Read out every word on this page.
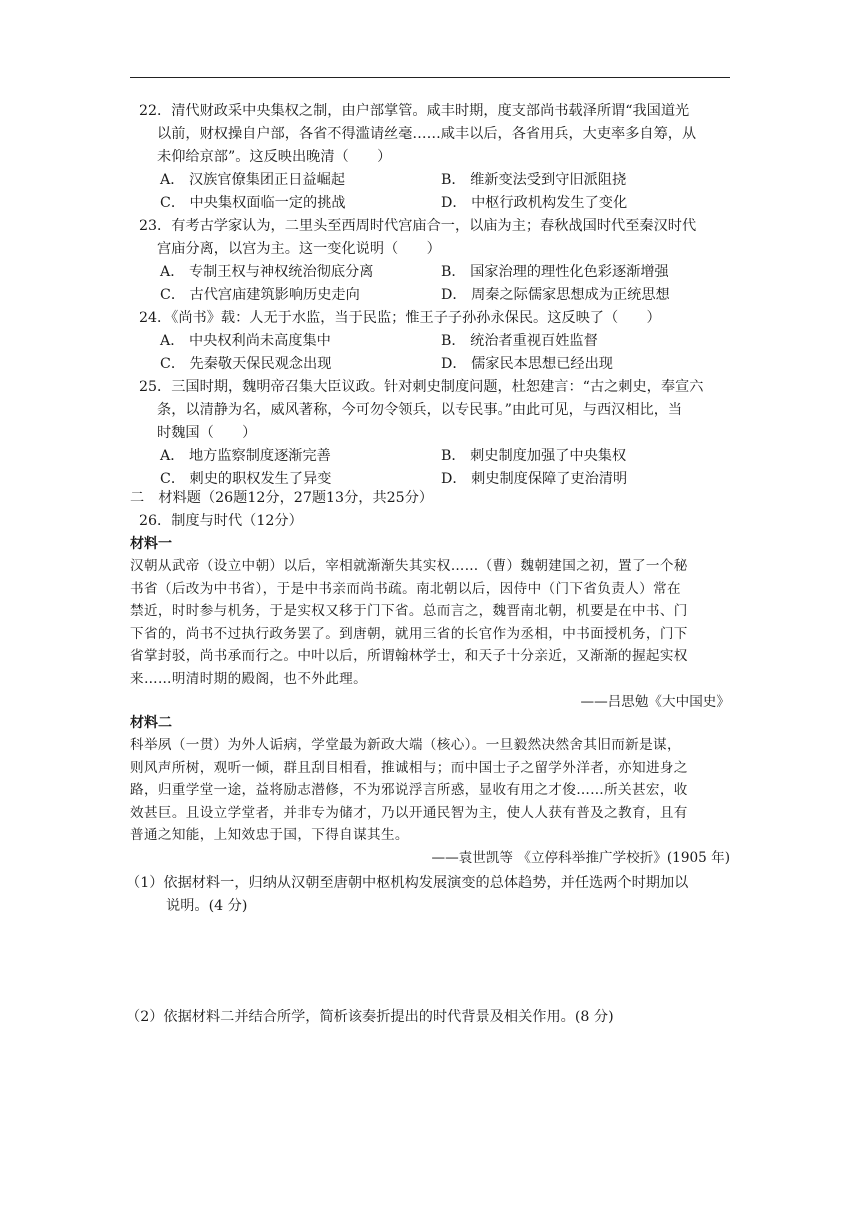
22．清代财政采中央集权之制，由户部掌管。咸丰时期，度支部尚书载泽所谓“我国道光
以前，财权操自户部，各省不得滥请丝毫……咸丰以后，各省用兵，大吏率多自筹，从
未仰给京部”。这反映出晚清（　　）
A． 汉族官僚集团正日益崛起	B． 维新变法受到守旧派阻挠
C． 中央集权面临一定的挑战	D． 中枢行政机构发生了变化
23．有考古学家认为，二里头至西周时代宫庙合一，以庙为主；春秋战国时代至秦汉时代
宫庙分离，以宫为主。这一变化说明（　　）
A． 专制王权与神权统治彻底分离	B． 国家治理的理性化色彩逐渐增强
C． 古代宫庙建筑影响历史走向	D． 周秦之际儒家思想成为正统思想
24．《尚书》载：人无于水监，当于民监；惟王子子孙孙永保民。这反映了（　　）
A． 中央权利尚未高度集中	B． 统治者重视百姓监督
C． 先秦敬天保民观念出现	D． 儒家民本思想已经出现
25．三国时期，魏明帝召集大臣议政。针对刺史制度问题，杜恕建言：“古之刺史，奉宣六
条，以清静为名，威风著称，今可勿令领兵，以专民事。”由此可见，与西汉相比，当
时魏国（　　）
A． 地方监察制度逐渐完善	B． 刺史制度加强了中央集权
C． 刺史的职权发生了异变	D． 刺史制度保障了吏治清明
二　材料题（26题12分，27题13分，共25分）
26．制度与时代（12分）
材料一
汉朝从武帝（设立中朝）以后，宰相就渐渐失其实权……（曹）魏朝建国之初，置了一个秘
书省（后改为中书省），于是中书亲而尚书疏。南北朝以后，因侍中（门下省负责人）常在
禁近，时时参与机务，于是实权又移于门下省。总而言之，魏晋南北朝，机要是在中书、门
下省的，尚书不过执行政务罢了。到唐朝，就用三省的长官作为丞相，中书面授机务，门下
省掌封驳，尚书承而行之。中叶以后，所谓翰林学士，和天子十分亲近，又渐渐的握起实权
来……明清时期的殿阁，也不外此理。
——吕思勉《大中国史》
材料二
科举夙（一贯）为外人诟病，学堂最为新政大端（核心）。一旦毅然决然舍其旧而新是谋，
则风声所树，观听一倾，群且刮目相看，推诚相与；而中国士子之留学外洋者，亦知进身之
路，归重学堂一途，益将励志潜修，不为邪说浮言所惑，显收有用之才俊……所关甚宏，收
效甚巨。且设立学堂者，并非专为储才，乃以开通民智为主，使人人获有普及之教育，且有
普通之知能，上知效忠于国，下得自谋其生。
——袁世凯等 《立停科举推广学校折》(1905 年)
（1）依据材料一，归纳从汉朝至唐朝中枢机构发展演变的总体趋势，并任选两个时期加以
说明。(4 分)
（2）依据材料二并结合所学，简析该奏折提出的时代背景及相关作用。(8 分)
